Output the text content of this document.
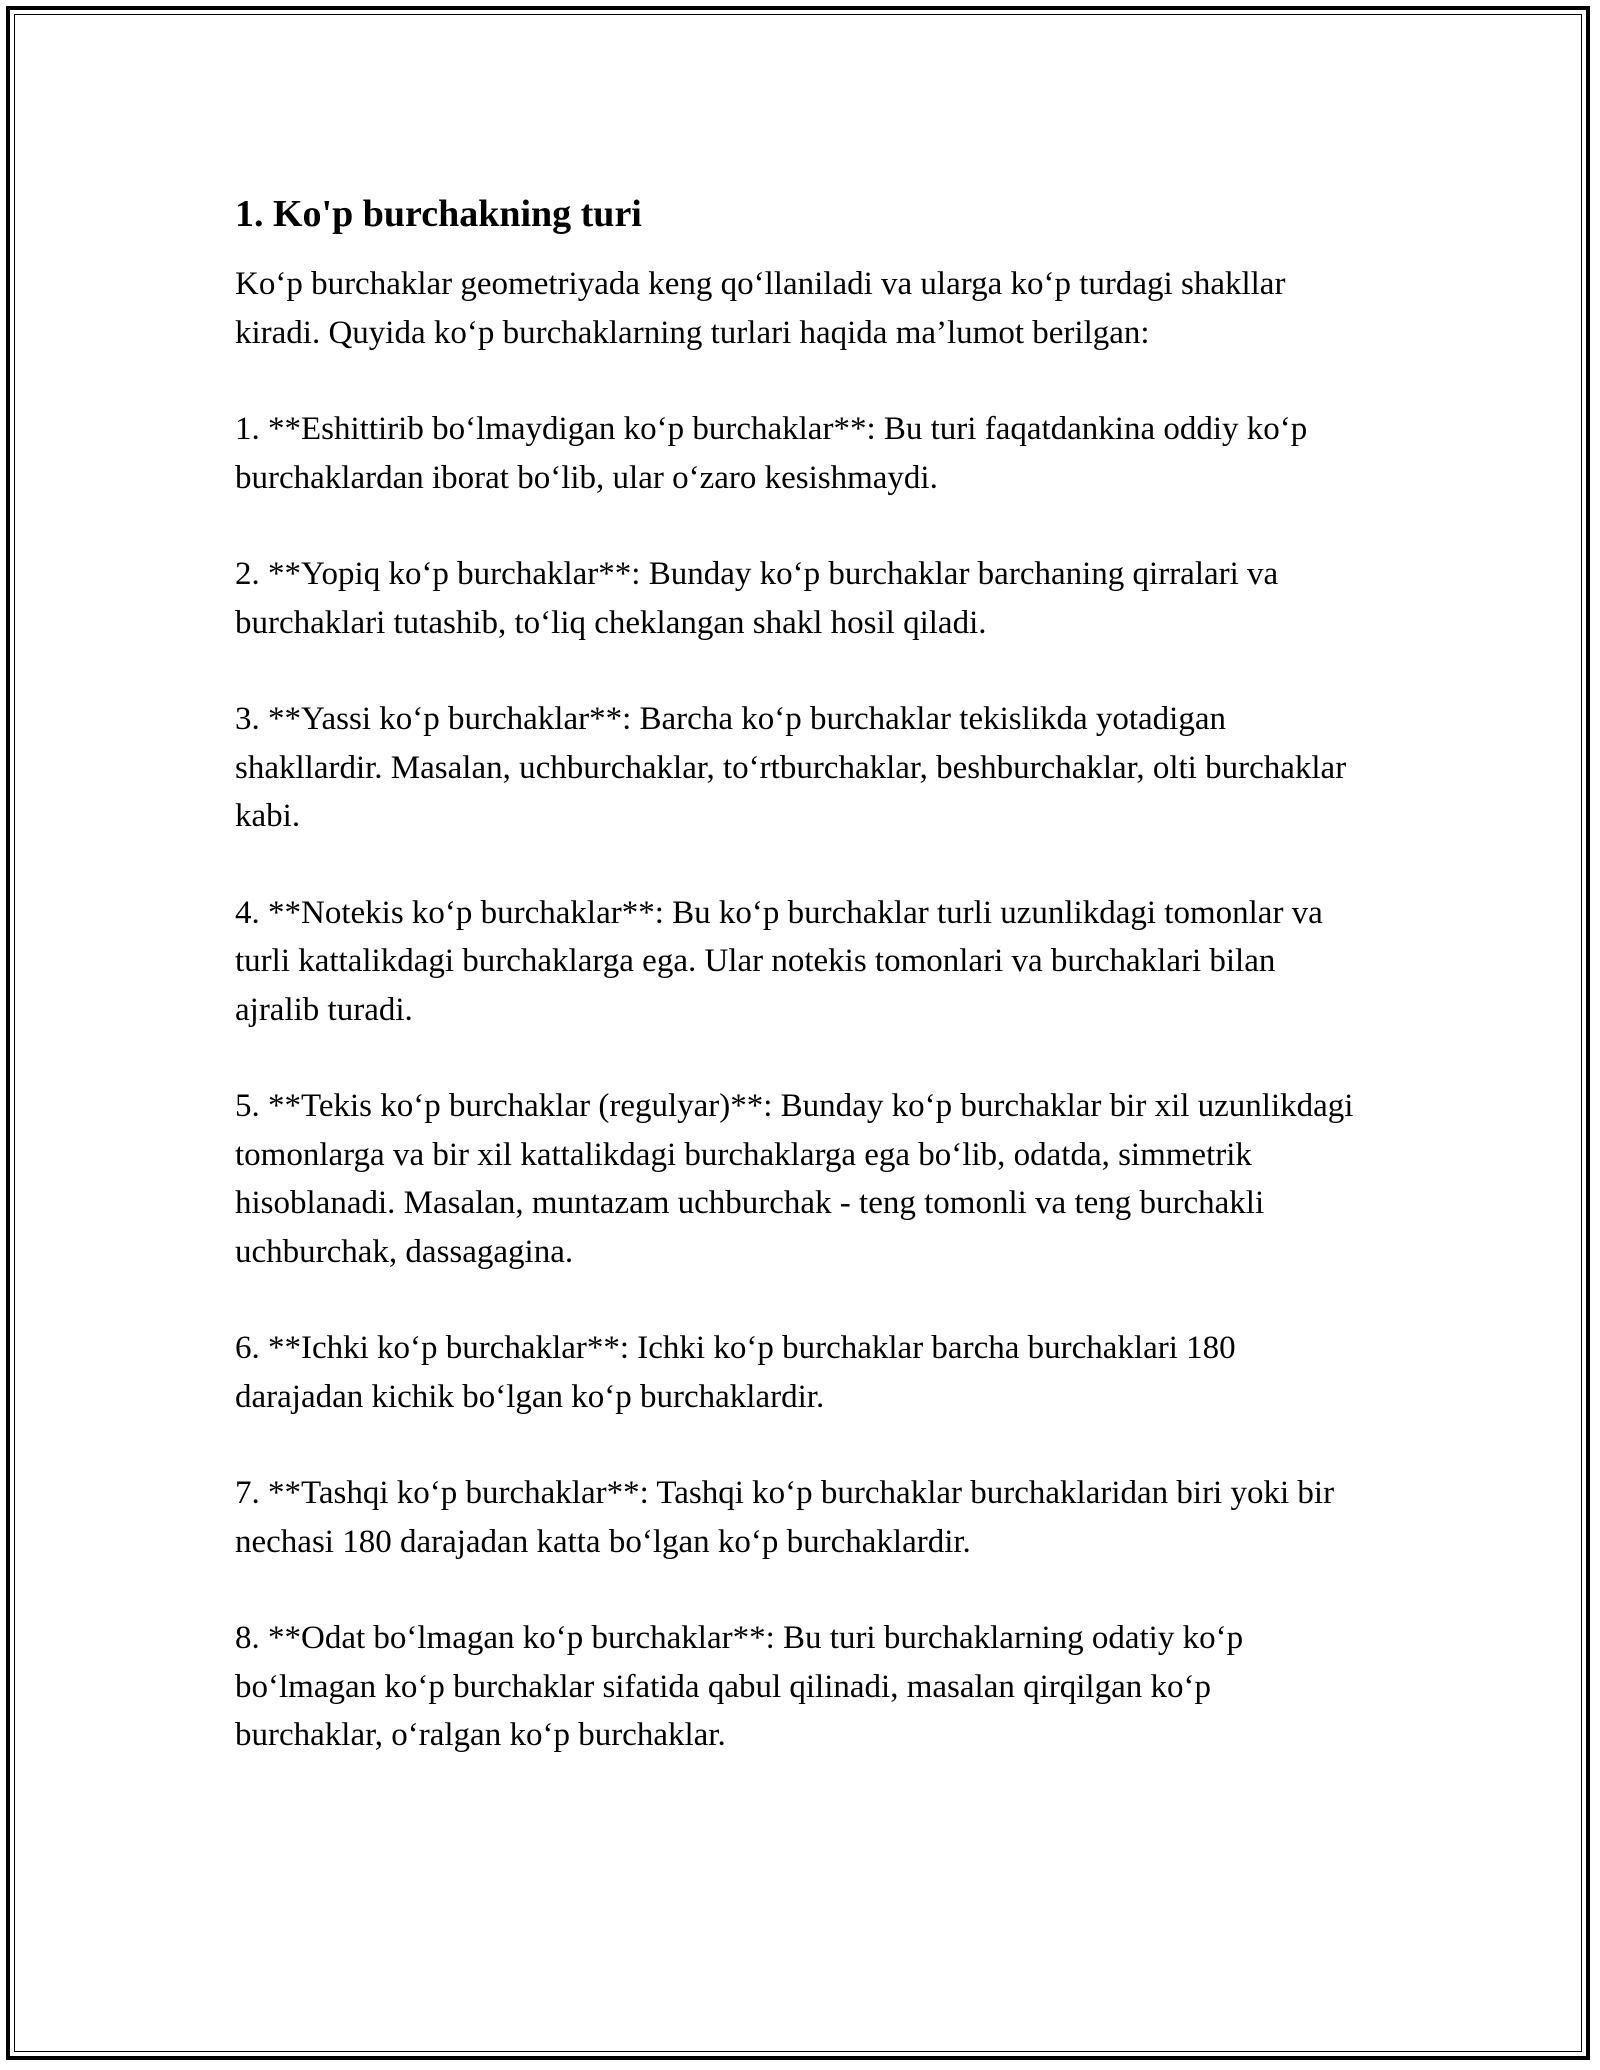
1. Ko'p burchakning turi

Ko‘p burchaklar geometriyada keng qo‘llaniladi va ularga ko‘p turdagi shakllar kiradi. Quyida ko‘p burchaklarning turlari haqida ma’lumot berilgan:

1. **Eshittirib bo‘lmaydigan ko‘p burchaklar**: Bu turi faqatdankina oddiy ko‘p burchaklardan iborat bo‘lib, ular o‘zaro kesishmaydi.

2. **Yopiq ko‘p burchaklar**: Bunday ko‘p burchaklar barchaning qirralari va burchaklari tutashib, to‘liq cheklangan shakl hosil qiladi.

3. **Yassi ko‘p burchaklar**: Barcha ko‘p burchaklar tekislikda yotadigan shakllardir. Masalan, uchburchaklar, to‘rtburchaklar, beshburchaklar, olti burchaklar kabi.

4. **Notekis ko‘p burchaklar**: Bu ko‘p burchaklar turli uzunlikdagi tomonlar va turli kattalikdagi burchaklarga ega. Ular notekis tomonlari va burchaklari bilan ajralib turadi.

5. **Tekis ko‘p burchaklar (regulyar)**: Bunday ko‘p burchaklar bir xil uzunlikdagi tomonlarga va bir xil kattalikdagi burchaklarga ega bo‘lib, odatda, simmetrik hisoblanadi. Masalan, muntazam uchburchak - teng tomonli va teng burchakli uchburchak, dassagagina.

6. **Ichki ko‘p burchaklar**: Ichki ko‘p burchaklar barcha burchaklari 180 darajadan kichik bo‘lgan ko‘p burchaklardir.

7. **Tashqi ko‘p burchaklar**: Tashqi ko‘p burchaklar burchaklaridan biri yoki bir nechasi 180 darajadan katta bo‘lgan ko‘p burchaklardir.

8. **Odat bo‘lmagan ko‘p burchaklar**: Bu turi burchaklarning odatiy ko‘p bo‘lmagan ko‘p burchaklar sifatida qabul qilinadi, masalan qirqilgan ko‘p burchaklar, o‘ralgan ko‘p burchaklar.
